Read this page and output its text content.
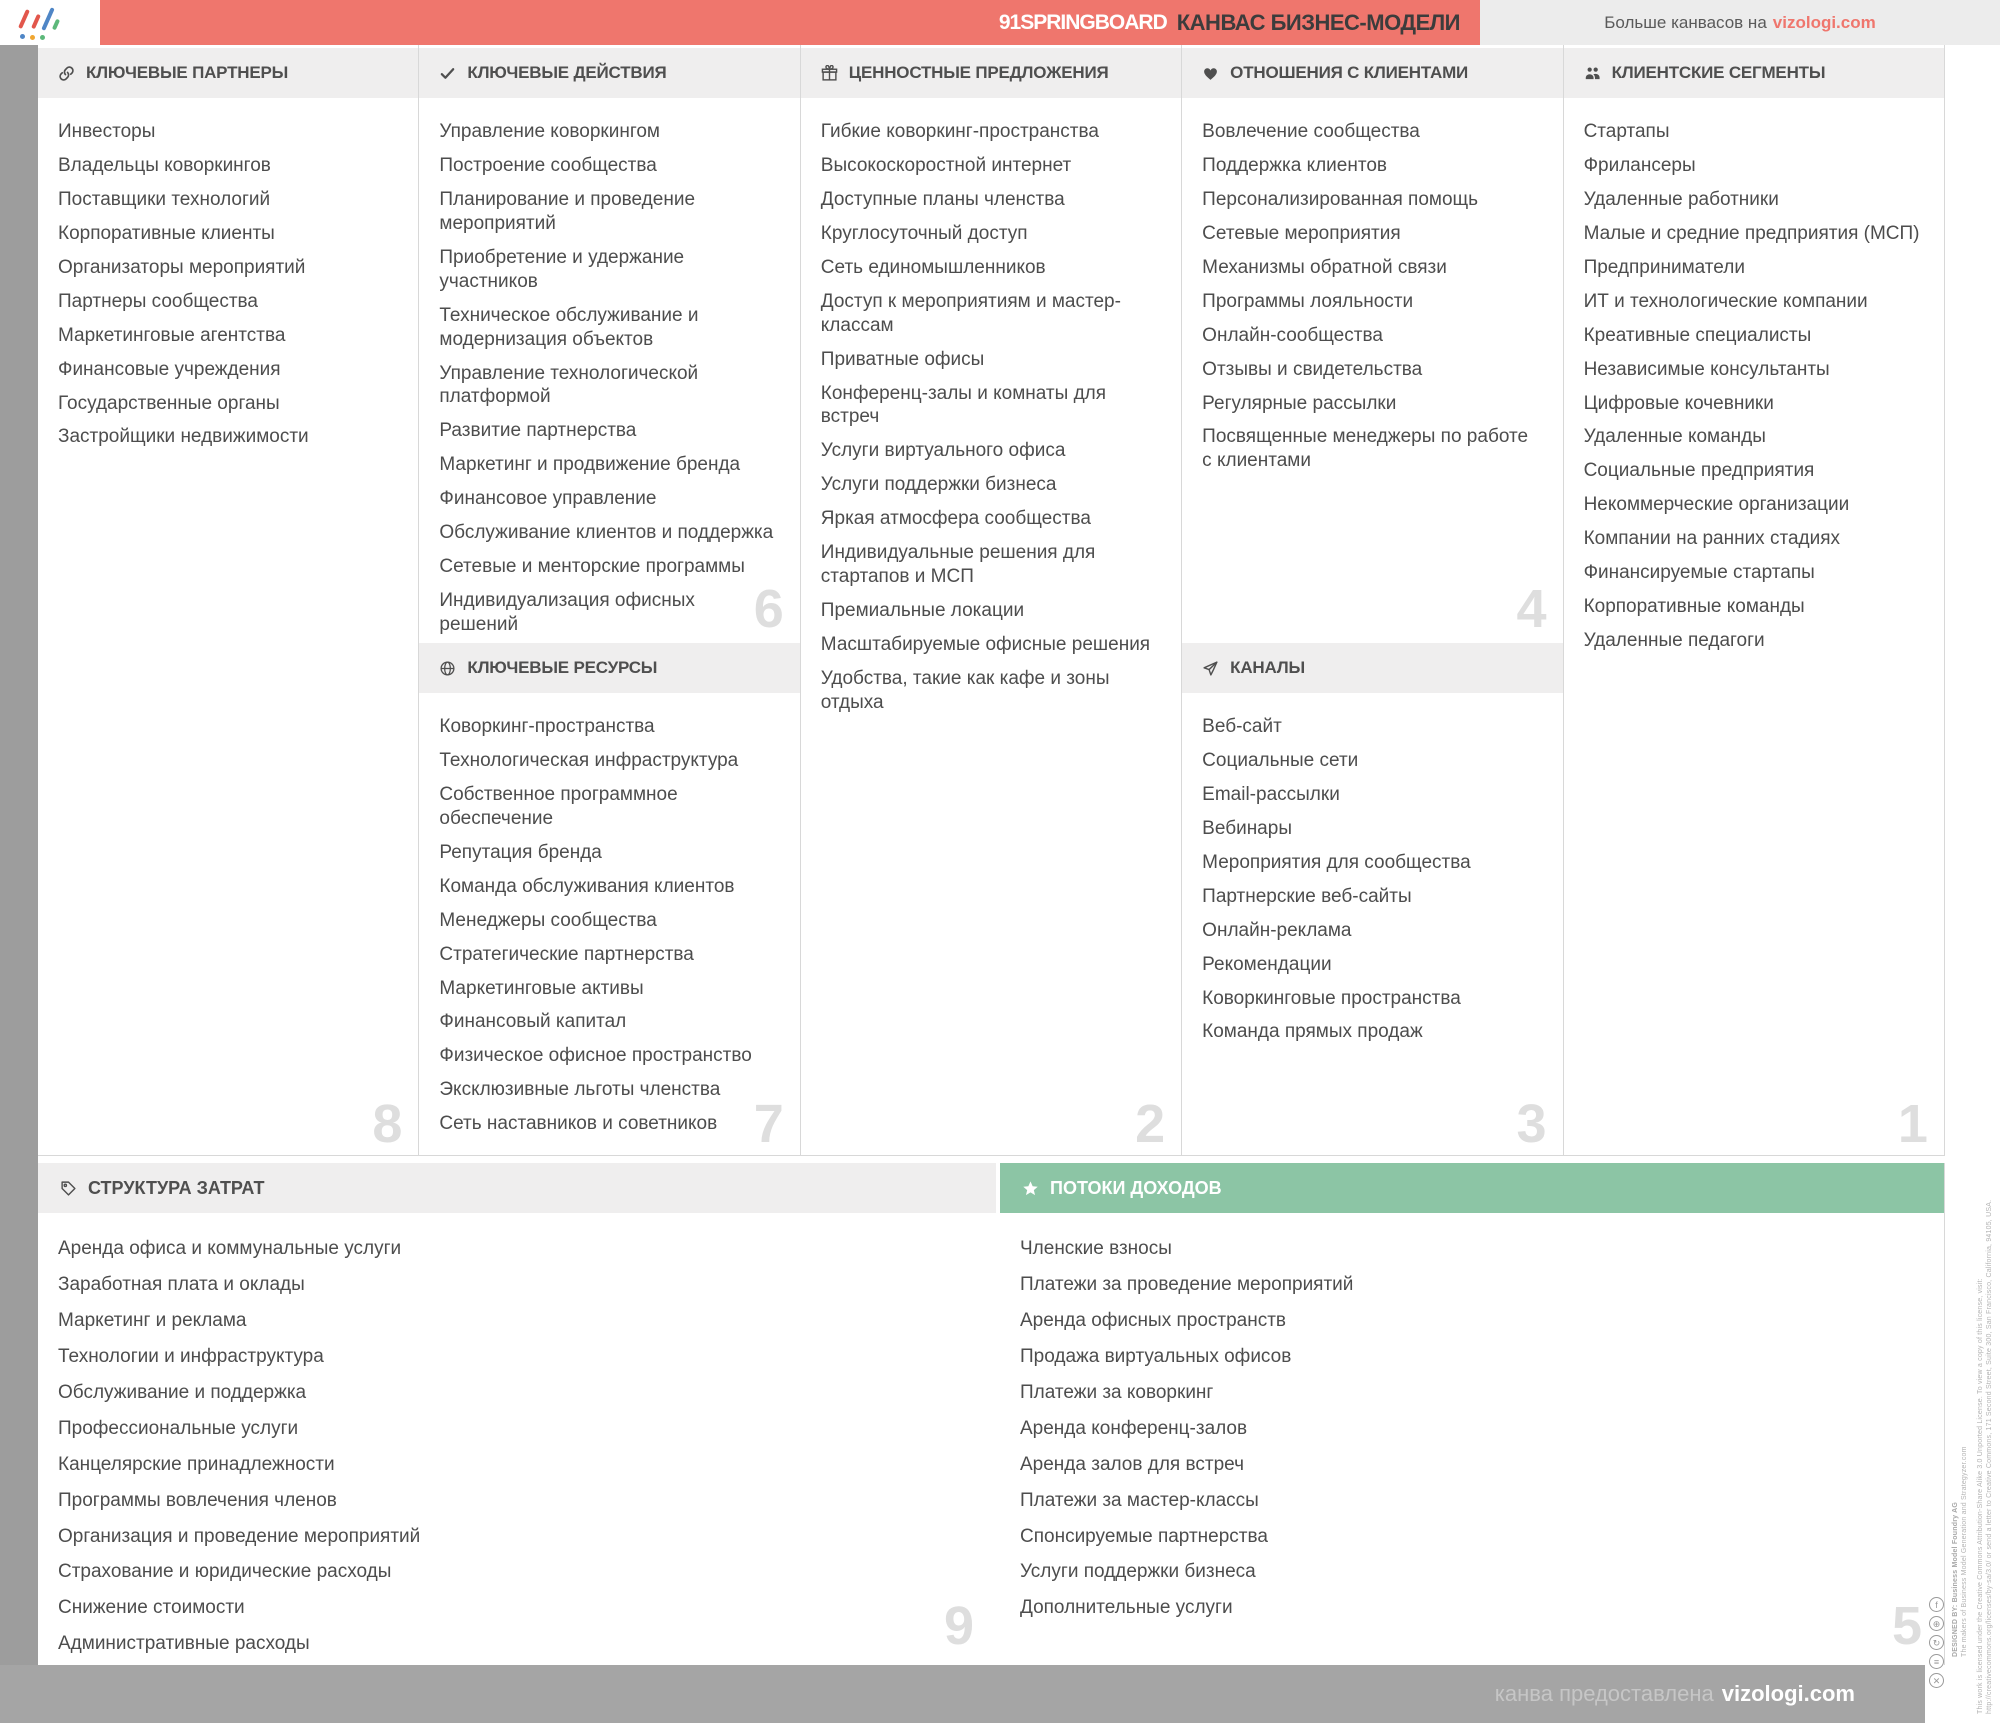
91SPRINGBOARD КАНВАС БИЗНЕС-МОДЕЛИ	Больше канвасов на vizologi.com
КЛЮЧЕВЫЕ ПАРТНЕРЫ
Инвесторы
Владельцы коворкингов
Поставщики технологий
Корпоративные клиенты
Организаторы мероприятий
Партнеры сообщества
Маркетинговые агентства
Финансовые учреждения
Государственные органы
Застройщики недвижимости
8
КЛЮЧЕВЫЕ ДЕЙСТВИЯ
Управление коворкингом
Построение сообщества
Планирование и проведение мероприятий
Приобретение и удержание участников
Техническое обслуживание и модернизация объектов
Управление технологической платформой
Развитие партнерства
Маркетинг и продвижение бренда
Финансовое управление
Обслуживание клиентов и поддержка
Сетевые и менторские программы
Индивидуализация офисных решений	6
КЛЮЧЕВЫЕ РЕСУРСЫ
Коворкинг-пространства
Технологическая инфраструктура
Собственное программное обеспечение
Репутация бренда
Команда обслуживания клиентов
Менеджеры сообщества
Стратегические партнерства
Маркетинговые активы
Финансовый капитал
Физическое офисное пространство
Эксклюзивные льготы членства
Сеть наставников и советников 7
ЦЕННОСТНЫЕ ПРЕДЛОЖЕНИЯ
Гибкие коворкинг-пространства
Высокоскоростной интернет
Доступные планы членства
Круглосуточный доступ
Сеть единомышленников
Доступ к мероприятиям и мастер-классам
Приватные офисы
Конференц-залы и комнаты для встреч
Услуги виртуального офиса
Услуги поддержки бизнеса
Яркая атмосфера сообщества
Индивидуальные решения для стартапов и МСП
Премиальные локации
Масштабируемые офисные решения
Удобства, такие как кафе и зоны отдыха
2
ОТНОШЕНИЯ С КЛИЕНТАМИ
Вовлечение сообщества
Поддержка клиентов
Персонализированная помощь
Сетевые мероприятия
Механизмы обратной связи
Программы лояльности
Онлайн-сообщества
Отзывы и свидетельства
Регулярные рассылки
Посвященные менеджеры по работе с клиентами
4
КАНАЛЫ
Веб-сайт
Социальные сети
Email-рассылки
Вебинары
Мероприятия для сообщества
Партнерские веб-сайты
Онлайн-реклама
Рекомендации
Коворкинговые пространства
Команда прямых продаж
3
КЛИЕНТСКИЕ СЕГМЕНТЫ
Стартапы
Фрилансеры
Удаленные работники
Малые и средние предприятия (МСП)
Предприниматели
ИТ и технологические компании
Креативные специалисты
Независимые консультанты
Цифровые кочевники
Удаленные команды
Социальные предприятия
Некоммерческие организации
Компании на ранних стадиях
Финансируемые стартапы
Корпоративные команды
Удаленные педагоги
1
СТРУКТУРА ЗАТРАТ
Аренда офиса и коммунальные услуги
Заработная плата и оклады
Маркетинг и реклама
Технологии и инфраструктура
Обслуживание и поддержка
Профессиональные услуги
Канцелярские принадлежности
Программы вовлечения членов
Организация и проведение мероприятий
Страхование и юридические расходы
Снижение стоимости
Административные расходы	9
ПОТОКИ ДОХОДОВ
Членские взносы
Платежи за проведение мероприятий
Аренда офисных пространств
Продажа виртуальных офисов
Платежи за коворкинг
Аренда конференц-залов
Аренда залов для встреч
Платежи за мастер-классы
Спонсируемые партнерства
Услуги поддержки бизнеса
Дополнительные услуги	5
канва предоставлена vizologi.com
DESIGNED BY: Business Model Foundry AG The makers of Business Model Generation and Strategyzer.com This work is licensed under the Creative Commons Attribution-Share Alike 3.0 Unported License. To view a copy of this license, visit: http://creativecommons.org/licenses/by-sa/3.0/ or send a letter to Creative Commons, 171 Second Street, Suite 300, San Francisco, California, 94105, USA.
f
⊕
↻
≡
✕
